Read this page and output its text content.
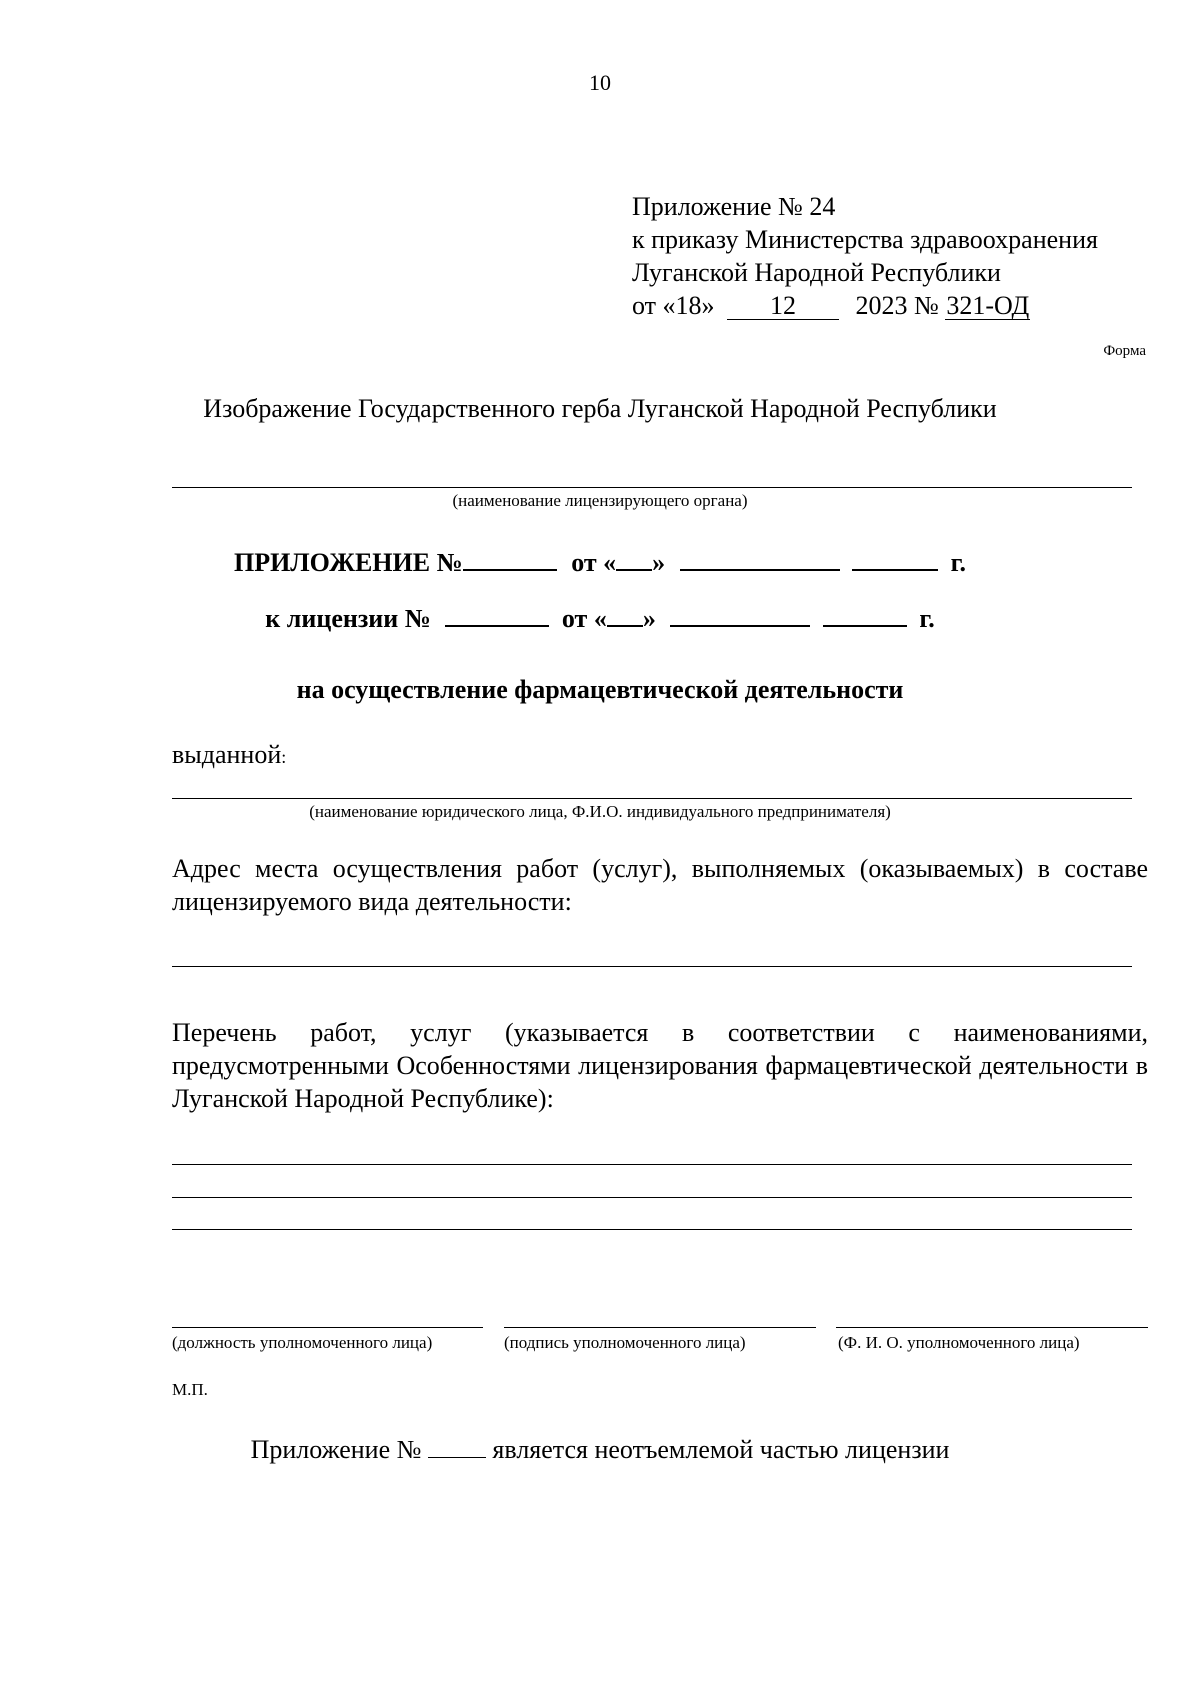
10
Приложение № 24
к приказу Министерства здравоохранения
Луганской Народной Республики
от «18» 12 2023 № 321-ОД
Форма
Изображение Государственного герба Луганской Народной Республики
(наименование лицензирующего органа)
ПРИЛОЖЕНИЕ №	от « »	г.
к лицензии №	от « »	г.
на осуществление фармацевтической деятельности
выданной:
(наименование юридического лица, Ф.И.О. индивидуального предпринимателя)
Адрес места осуществления работ (услуг), выполняемых (оказываемых) в составе лицензируемого вида деятельности:
Перечень работ, услуг (указывается в соответствии с наименованиями, предусмотренными Особенностями лицензирования фармацевтической деятельности в Луганской Народной Республике):
(должность уполномоченного лица)	(подпись уполномоченного лица)	(Ф. И. О. уполномоченного лица)
М.П.
Приложение №	является неотъемлемой частью лицензии
